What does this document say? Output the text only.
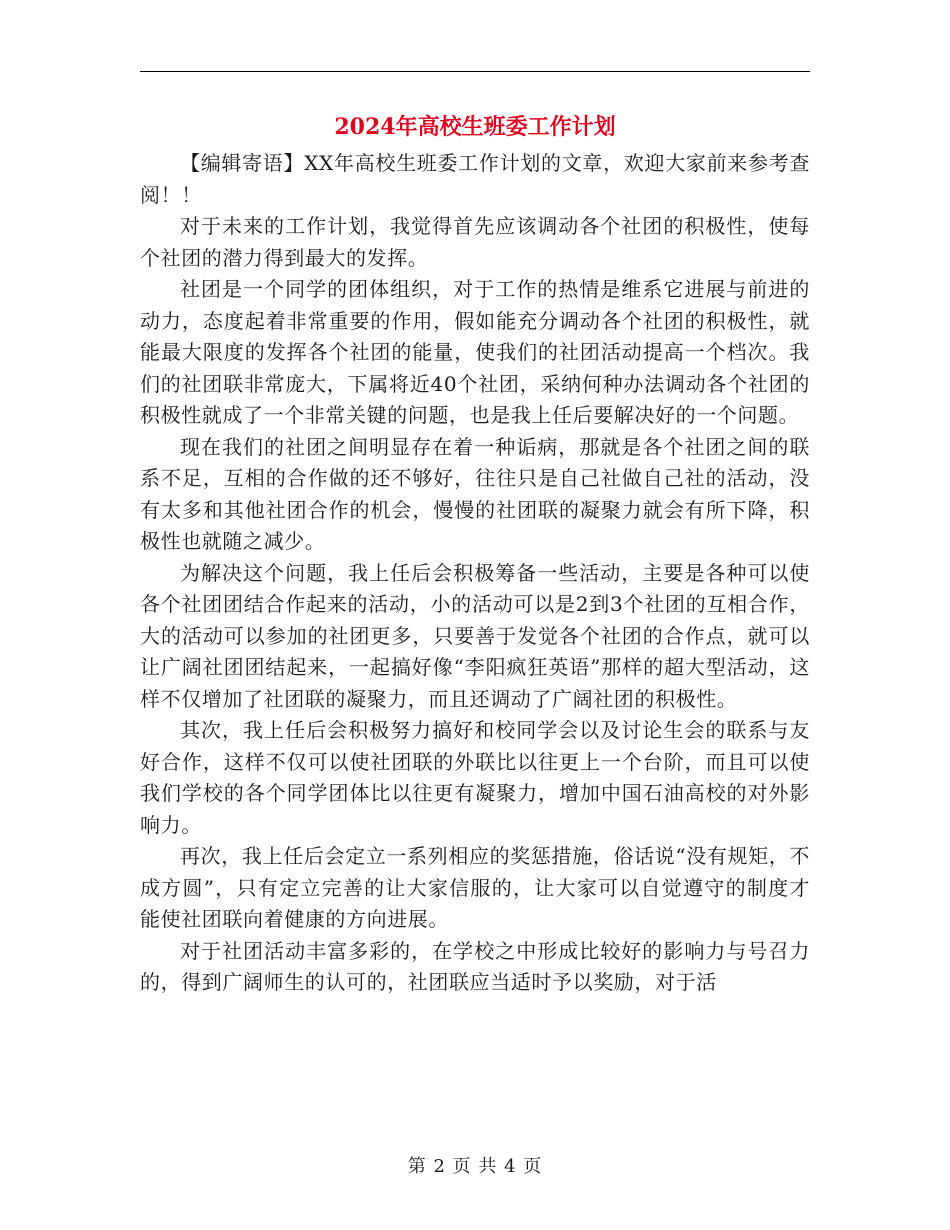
2024年高校生班委工作计划

【编辑寄语】XX年高校生班委工作计划的文章，欢迎大家前来参考查阅！！

对于未来的工作计划，我觉得首先应该调动各个社团的积极性，使每个社团的潜力得到最大的发挥。

社团是一个同学的团体组织，对于工作的热情是维系它进展与前进的动力，态度起着非常重要的作用，假如能充分调动各个社团的积极性，就能最大限度的发挥各个社团的能量，使我们的社团活动提高一个档次。我们的社团联非常庞大，下属将近40个社团，采纳何种办法调动各个社团的积极性就成了一个非常关键的问题，也是我上任后要解决好的一个问题。

现在我们的社团之间明显存在着一种诟病，那就是各个社团之间的联系不足，互相的合作做的还不够好，往往只是自己社做自己社的活动，没有太多和其他社团合作的机会，慢慢的社团联的凝聚力就会有所下降，积极性也就随之减少。

为解决这个问题，我上任后会积极筹备一些活动，主要是各种可以使各个社团团结合作起来的活动，小的活动可以是2到3个社团的互相合作，大的活动可以参加的社团更多，只要善于发觉各个社团的合作点，就可以让广阔社团团结起来，一起搞好像“李阳疯狂英语”那样的超大型活动，这样不仅增加了社团联的凝聚力，而且还调动了广阔社团的积极性。

其次，我上任后会积极努力搞好和校同学会以及讨论生会的联系与友好合作，这样不仅可以使社团联的外联比以往更上一个台阶，而且可以使我们学校的各个同学团体比以往更有凝聚力，增加中国石油高校的对外影响力。

再次，我上任后会定立一系列相应的奖惩措施，俗话说“没有规矩，不成方圆”，只有定立完善的让大家信服的，让大家可以自觉遵守的制度才能使社团联向着健康的方向进展。

对于社团活动丰富多彩的，在学校之中形成比较好的影响力与号召力的，得到广阔师生的认可的，社团联应当适时予以奖励，对于活

第 2 页 共 4 页
